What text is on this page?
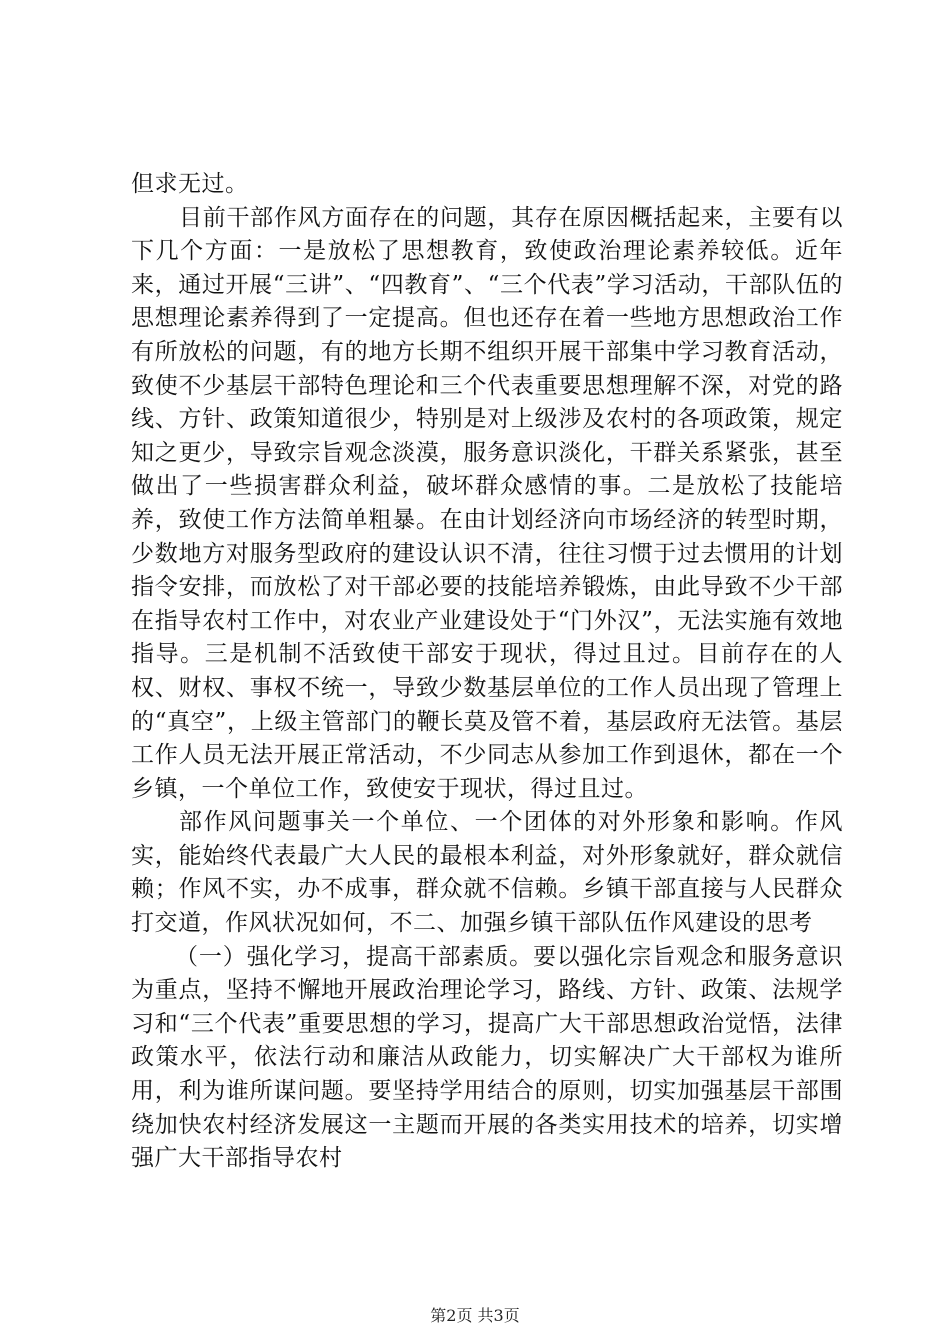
但求无过。

目前干部作风方面存在的问题，其存在原因概括起来，主要有以下几个方面：一是放松了思想教育，致使政治理论素养较低。近年来，通过开展“三讲”、“四教育”、“三个代表”学习活动，干部队伍的思想理论素养得到了一定提高。但也还存在着一些地方思想政治工作有所放松的问题，有的地方长期不组织开展干部集中学习教育活动，致使不少基层干部特色理论和三个代表重要思想理解不深，对党的路线、方针、政策知道很少，特别是对上级涉及农村的各项政策，规定知之更少，导致宗旨观念淡漠，服务意识淡化，干群关系紧张，甚至做出了一些损害群众利益，破坏群众感情的事。二是放松了技能培养，致使工作方法简单粗暴。在由计划经济向市场经济的转型时期，少数地方对服务型政府的建设认识不清，往往习惯于过去惯用的计划指令安排，而放松了对干部必要的技能培养锻炼，由此导致不少干部在指导农村工作中，对农业产业建设处于“门外汉”，无法实施有效地指导。三是机制不活致使干部安于现状，得过且过。目前存在的人权、财权、事权不统一，导致少数基层单位的工作人员出现了管理上的“真空”，上级主管部门的鞭长莫及管不着，基层政府无法管。基层工作人员无法开展正常活动，不少同志从参加工作到退休，都在一个乡镇，一个单位工作，致使安于现状，得过且过。

部作风问题事关一个单位、一个团体的对外形象和影响。作风实，能始终代表最广大人民的最根本利益，对外形象就好，群众就信赖；作风不实，办不成事，群众就不信赖。乡镇干部直接与人民群众打交道，作风状况如何，不二、加强乡镇干部队伍作风建设的思考

（一）强化学习，提高干部素质。要以强化宗旨观念和服务意识为重点，坚持不懈地开展政治理论学习，路线、方针、政策、法规学习和“三个代表”重要思想的学习，提高广大干部思想政治觉悟，法律政策水平，依法行动和廉洁从政能力，切实解决广大干部权为谁所用，利为谁所谋问题。要坚持学用结合的原则，切实加强基层干部围绕加快农村经济发展这一主题而开展的各类实用技术的培养，切实增强广大干部指导农村

第2页 共3页
